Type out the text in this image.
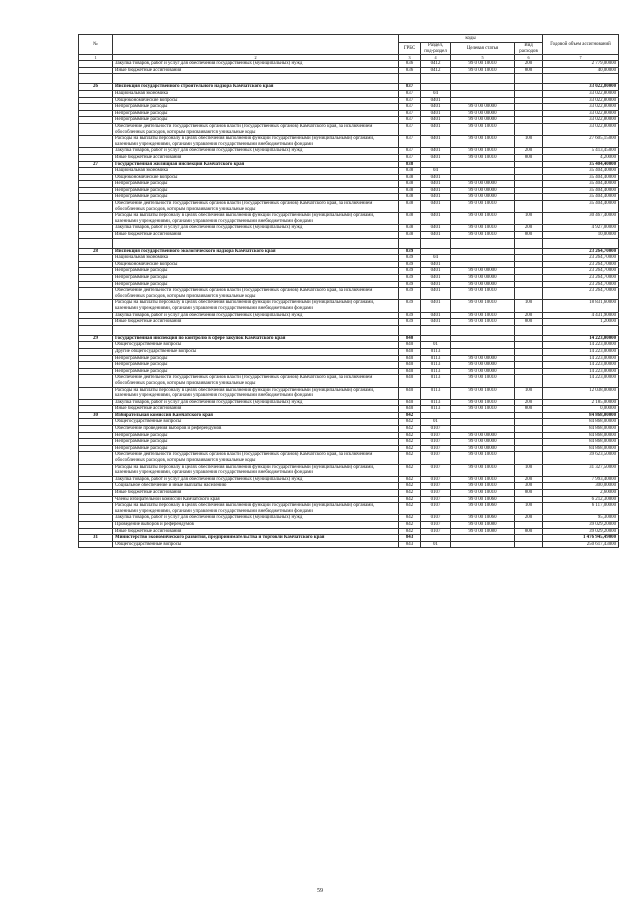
№		коды				Годовой объем ассигнований
		ГРБС	Раздел, под-раздел	Целевая статья	Вид расходов	
1	2	3	4	5	6	7
	Закупка товаров, работ и услуг для обеспечения государственных (муниципальных) нужд	836	0412	99 0 00 10010	200	2 779,00000
	Иные бюджетные ассигнования	836	0412	99 0 00 10010	800	40,00000

26	Инспекция государственного строительного надзора Камчатского края	837				33 022,80000
	Национальная экономика	837	04			33 022,80000
	Общеэкономические вопросы	837	0401			33 022,80000
	Непрограммные расходы	837	0401	99 0 00 00000		33 022,80000
	Непрограммные расходы	837	0401	99 0 00 00000		33 022,80000
	Непрограммные расходы	837	0401	99 0 00 00000		33 022,80000
	Обеспечение деятельности государственных органов власти (государственных органов) Камчатского края, за исключением обособленных расходов, которым присваиваются уникальные коды	837	0401	99 0 00 10010		33 022,80000
	Расходы на выплаты персоналу в целях обеспечения выполнения функций государственными (муниципальными) органами, казенными учреждениями, органами управления государственными внебюджетными фондами	837	0401	99 0 00 10010	100	27 605,15000
	Закупка товаров, работ и услуг для обеспечения государственных (муниципальных) нужд	837	0401	99 0 00 10010	200	5 413,45000
	Иные бюджетные ассигнования	837	0401	99 0 00 10010	800	4,20000
27	Государственная жилищная инспекция Камчатского края	838				35 404,40000
	Национальная экономика	838	04			35 404,40000
	Общеэкономические вопросы	838	0401			35 404,40000
	Непрограммные расходы	838	0401	99 0 00 00000		35 404,40000
	Непрограммные расходы	838	0401	99 0 00 00000		35 404,40000
	Непрограммные расходы	838	0401	99 0 00 00000		35 404,40000
	Обеспечение деятельности государственных органов власти (государственных органов) Камчатского края, за исключением обособленных расходов, которым присваиваются уникальные коды	838	0401	99 0 00 10010		35 404,40000
	Расходы на выплаты персоналу в целях обеспечения выполнения функций государственными (муниципальными) органами, казенными учреждениями, органами управления государственными внебюджетными фондами	838	0401	99 0 00 10010	100	30 467,40000
	Закупка товаров, работ и услуг для обеспечения государственных (муниципальных) нужд	838	0401	99 0 00 10010	200	4 927,00000
	Иные бюджетные ассигнования	838	0401	99 0 00 10010	800	10,00000

28	Инспекция государственного экологического надзора Камчатского края	839				23 264,70000
	Национальная экономика	839	04			23 264,70000
	Общеэкономические вопросы	839	0401			23 264,70000
	Непрограммные расходы	839	0401	99 0 00 00000		23 264,70000
	Непрограммные расходы	839	0401	99 0 00 00000		23 264,70000
	Непрограммные расходы	839	0401	99 0 00 00000		23 264,70000
	Обеспечение деятельности государственных органов власти (государственных органов) Камчатского края, за исключением обособленных расходов, которым присваиваются уникальные коды	839	0401	99 0 00 10010		23 264,70000
	Расходы на выплаты персоналу в целях обеспечения выполнения функций государственными (муниципальными) органами, казенными учреждениями, органами управления государственными внебюджетными фондами	839	0401	99 0 00 10010	100	18 831,60000
	Закупка товаров, работ и услуг для обеспечения государственных (муниципальных) нужд	839	0401	99 0 00 10010	200	4 431,90000
	Иные бюджетные ассигнования	839	0401	99 0 00 10010	800	1,20000

29	Государственная инспекция по контролю в сфере закупок Камчатского края	840				14 223,00000
	Общегосударственные вопросы	840	01			14 223,00000
	Другие общегосударственные вопросы	840	0113			14 223,00000
	Непрограммные расходы	840	0113	99 0 00 00000		14 223,00000
	Непрограммные расходы	840	0113	99 0 00 00000		14 223,00000
	Непрограммные расходы	840	0113	99 0 00 00000		14 223,00000
	Обеспечение деятельности государственных органов власти (государственных органов) Камчатского края, за исключением обособленных расходов, которым присваиваются уникальные коды	840	0113	99 0 00 10010		14 223,00000
	Расходы на выплаты персоналу в целях обеспечения выполнения функций государственными (муниципальными) органами, казенными учреждениями, органами управления государственными внебюджетными фондами	840	0113	99 0 00 10010	100	12 038,00000
	Закупка товаров, работ и услуг для обеспечения государственных (муниципальных) нужд	840	0113	99 0 00 10010	200	2 185,00000
	Иные бюджетные ассигнования	840	0113	99 0 00 10010	800	0,00000
30	Избирательная комиссия Камчатского края	842				84 868,00000
	Общегосударственные вопросы	842	01			84 868,00000
	Обеспечение проведения выборов и референдумов	842	0107			84 868,00000
	Непрограммные расходы	842	0107	99 0 00 00000		84 868,00000
	Непрограммные расходы	842	0107	99 0 00 00000		84 868,00000
	Непрограммные расходы	842	0107	99 0 00 00000		84 868,00000
	Обеспечение деятельности государственных органов власти (государственных органов) Камчатского края, за исключением обособленных расходов, которым присваиваются уникальные коды	842	0107	99 0 00 10010		39 623,50000
	Расходы на выплаты персоналу в целях обеспечения выполнения функций государственными (муниципальными) органами, казенными учреждениями, органами управления государственными внебюджетными фондами	842	0107	99 0 00 10010	100	31 327,50000
	Закупка товаров, работ и услуг для обеспечения государственных (муниципальных) нужд	842	0107	99 0 00 10010	200	7 993,40000
	Социальное обеспечение и иные выплаты населению	842	0107	99 0 00 10010	300	300,00000
	Иные бюджетные ассигнования	842	0107	99 0 00 10010	800	2,60000
	Члены избирательной комиссии Камчатского края	842	0107	99 0 00 10060		6 212,30000
	Расходы на выплаты персоналу в целях обеспечения выполнения функций государственными (муниципальными) органами, казенными учреждениями, органами управления государственными внебюджетными фондами	842	0107	99 0 00 10060	100	6 117,00000
	Закупка товаров, работ и услуг для обеспечения государственных (муниципальных) нужд	842	0107	99 0 00 10060	200	95,30000
	Проведение выборов и референдумов	842	0107	99 0 00 10080		39 029,20000
	Иные бюджетные ассигнования	842	0107	99 0 00 10080	800	39 029,20000
31	Министерство экономического развития, предпринимательства и торговли Камчатского края	843				1 476 945,49000
	Общегосударственные вопросы	843	01			250 617,43000
59
